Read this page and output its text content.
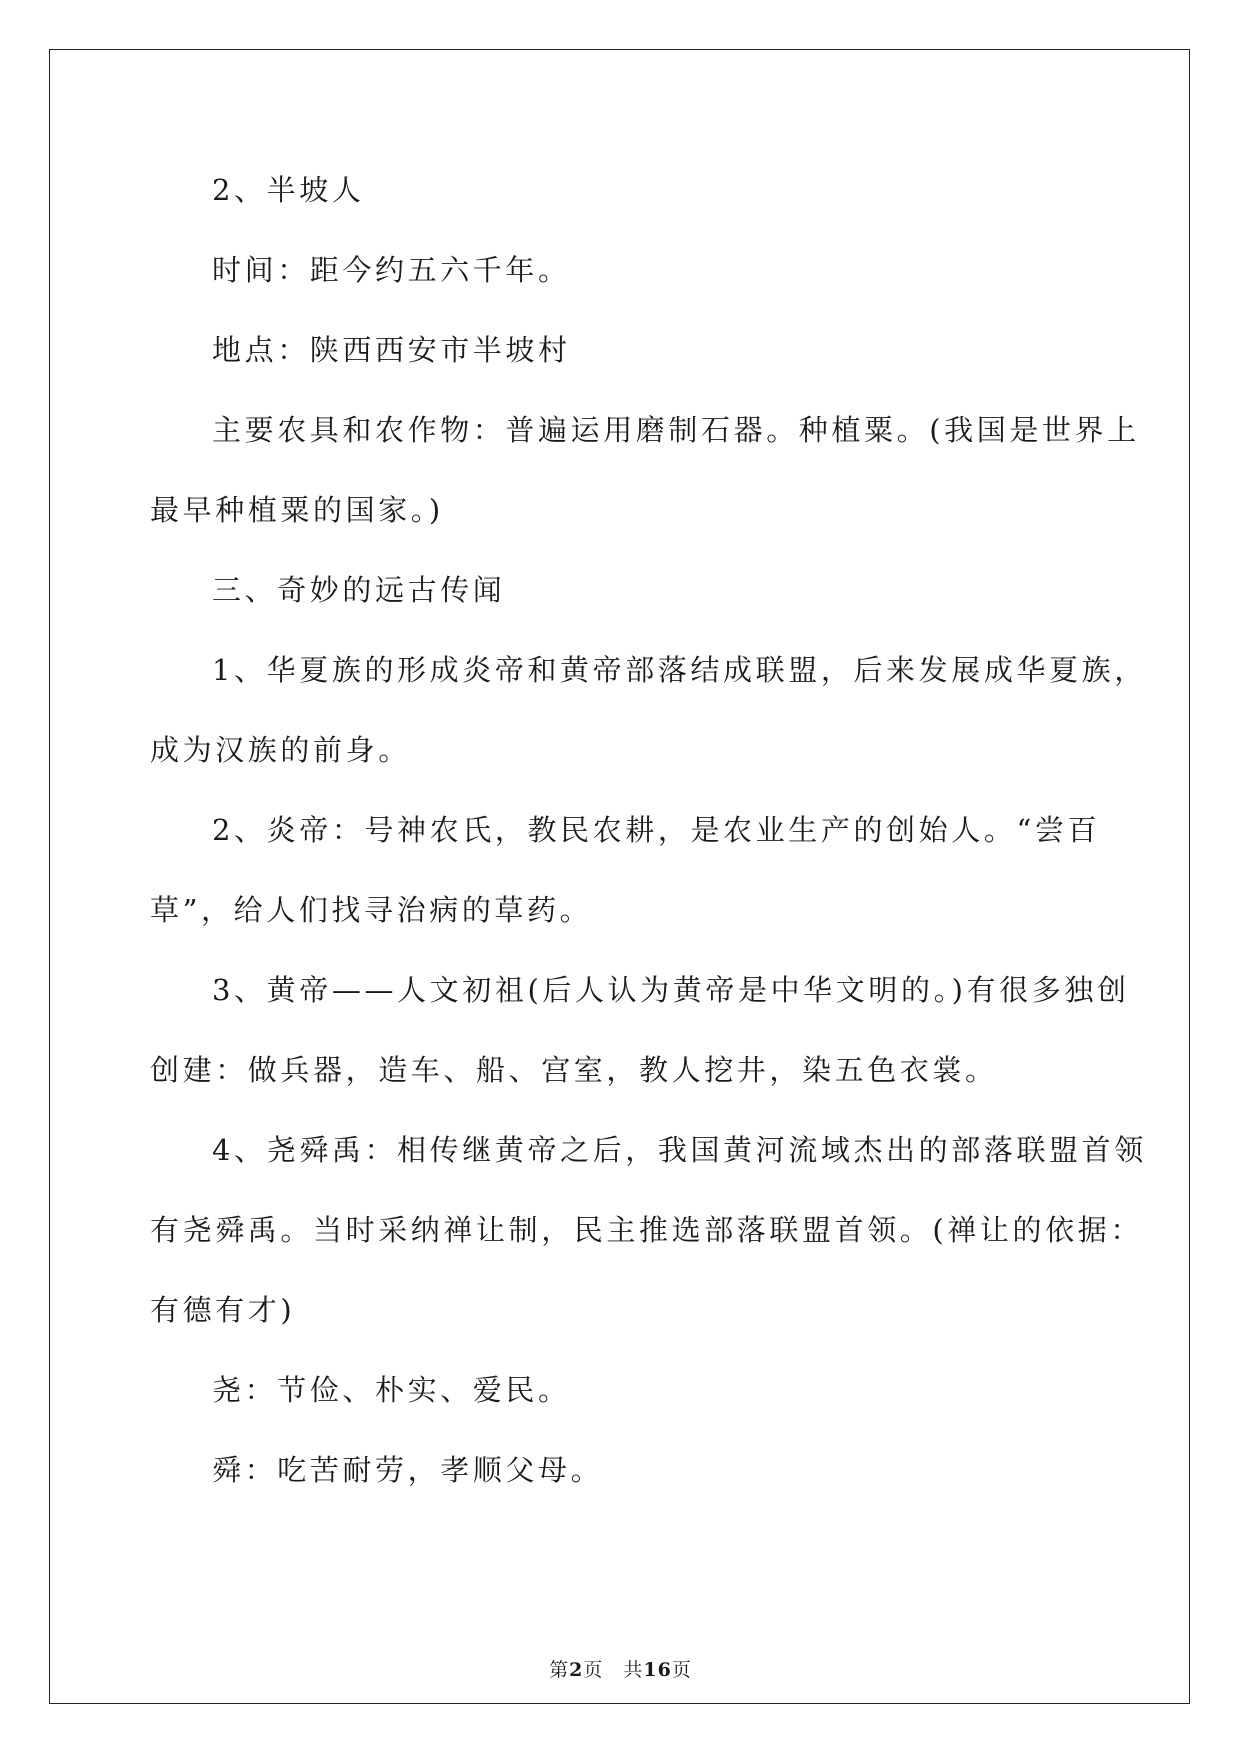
2、半坡人
时间：距今约五六千年。
地点：陕西西安市半坡村
主要农具和农作物：普遍运用磨制石器。种植粟。(我国是世界上
最早种植粟的国家。)
三、奇妙的远古传闻
1、华夏族的形成炎帝和黄帝部落结成联盟，后来发展成华夏族，
成为汉族的前身。
2、炎帝：号神农氏，教民农耕，是农业生产的创始人。“尝百
草”，给人们找寻治病的草药。
3、黄帝——人文初祖(后人认为黄帝是中华文明的。)有很多独创
创建：做兵器，造车、船、宫室，教人挖井，染五色衣裳。
4、尧舜禹：相传继黄帝之后，我国黄河流域杰出的部落联盟首领
有尧舜禹。当时采纳禅让制，民主推选部落联盟首领。(禅让的依据：
有德有才)
尧：节俭、朴实、爱民。
舜：吃苦耐劳，孝顺父母。
第2页 共16页
